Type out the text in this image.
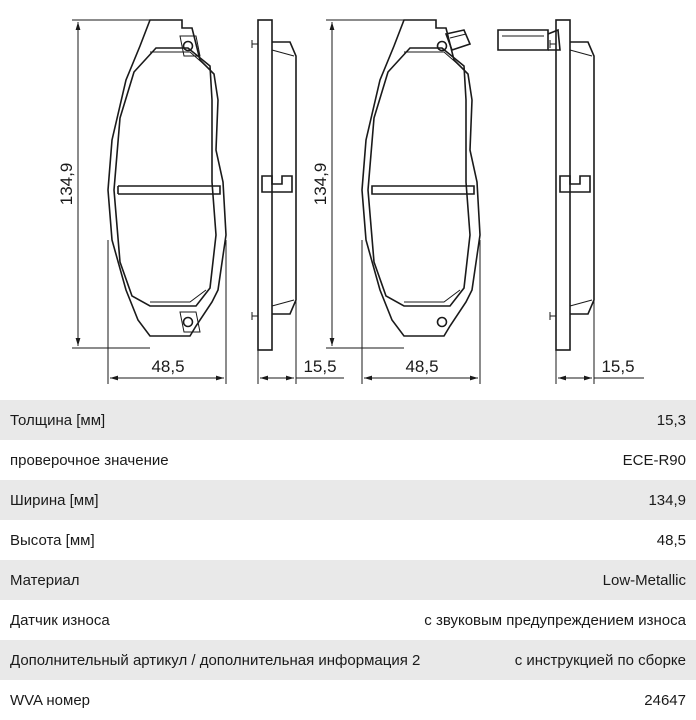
134,9
48,5	15,5
134,9
48,5	15,5
Толщина [мм]	15,3
проверочное значение	ECE-R90
Ширина [мм]	134,9
Высота [мм]	48,5
Материал	Low-Metallic
Датчик износа	с звуковым предупреждением износа
Дополнительный артикул / дополнительная информация 2	с инструкцией по сборке
WVA номер	24647
